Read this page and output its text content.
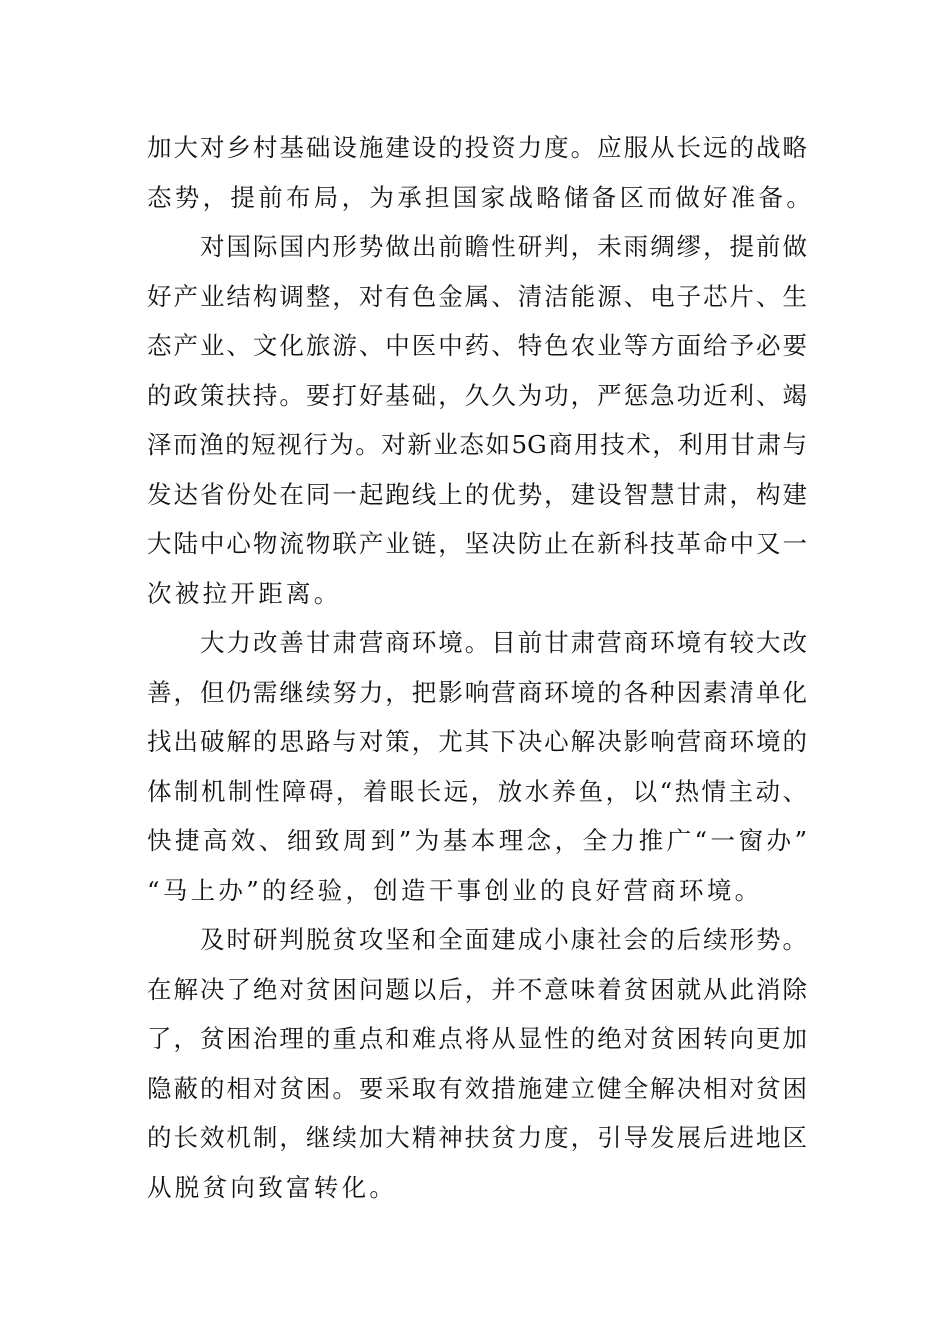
加大对乡村基础设施建设的投资力度。应服从长远的战略
态势，提前布局，为承担国家战略储备区而做好准备。
对国际国内形势做出前瞻性研判，未雨绸缪，提前做
好产业结构调整，对有色金属、清洁能源、电子芯片、生
态产业、文化旅游、中医中药、特色农业等方面给予必要
的政策扶持。要打好基础，久久为功，严惩急功近利、竭
泽而渔的短视行为。对新业态如5G商用技术，利用甘肃与
发达省份处在同一起跑线上的优势，建设智慧甘肃，构建
大陆中心物流物联产业链，坚决防止在新科技革命中又一
次被拉开距离。
大力改善甘肃营商环境。目前甘肃营商环境有较大改
善，但仍需继续努力，把影响营商环境的各种因素清单化
找出破解的思路与对策，尤其下决心解决影响营商环境的
体制机制性障碍，着眼长远，放水养鱼，以“热情主动、
快捷高效、细致周到”为基本理念，全力推广“一窗办”
“马上办”的经验，创造干事创业的良好营商环境。
及时研判脱贫攻坚和全面建成小康社会的后续形势。
在解决了绝对贫困问题以后，并不意味着贫困就从此消除
了，贫困治理的重点和难点将从显性的绝对贫困转向更加
隐蔽的相对贫困。要采取有效措施建立健全解决相对贫困
的长效机制，继续加大精神扶贫力度，引导发展后进地区
从脱贫向致富转化。
